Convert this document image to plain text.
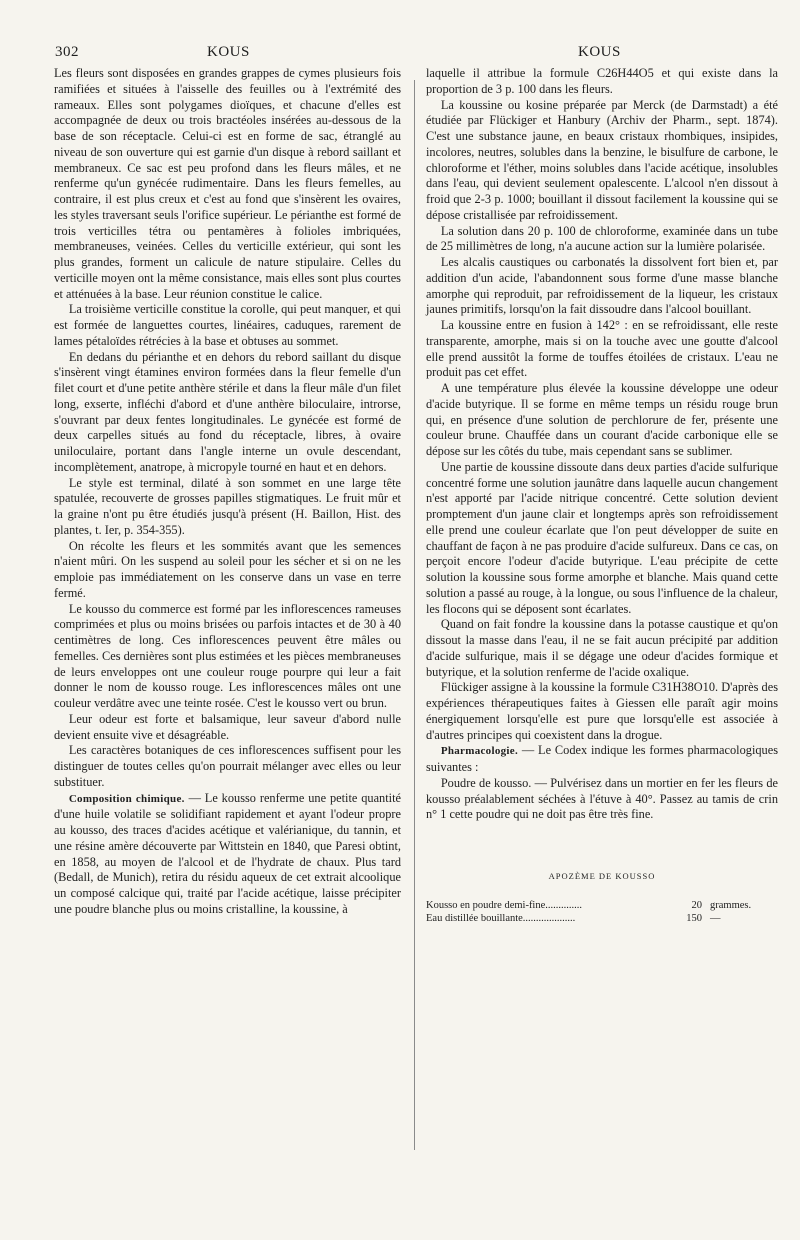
302	KOUS	KOUS

Les fleurs sont disposées en grandes grappes de cymes plusieurs fois ramifiées et situées à l'aisselle des feuilles ou à l'extrémité des rameaux. Elles sont polygames dioïques, et chacune d'elles est accompagnée de deux ou trois bractéoles insérées au-dessous de la base de son réceptacle. Celui-ci est en forme de sac, étranglé au niveau de son ouverture qui est garnie d'un disque à rebord saillant et membraneux. Ce sac est peu profond dans les fleurs mâles, et ne renferme qu'un gynécée rudimentaire. Dans les fleurs femelles, au contraire, il est plus creux et c'est au fond que s'insèrent les ovaires, les styles traversant seuls l'orifice supérieur. Le périanthe est formé de trois verticilles tétra ou pentamères à folioles imbriquées, membraneuses, veinées. Celles du verticille extérieur, qui sont les plus grandes, forment un calicule de nature stipulaire. Celles du verticille moyen ont la même consistance, mais elles sont plus courtes et atténuées à la base. Leur réunion constitue le calice.

La troisième verticille constitue la corolle, qui peut manquer, et qui est formée de languettes courtes, linéaires, caduques, rarement de lames pétaloïdes rétrécies à la base et obtuses au sommet.

En dedans du périanthe et en dehors du rebord saillant du disque s'insèrent vingt étamines environ formées dans la fleur femelle d'un filet court et d'une petite anthère stérile et dans la fleur mâle d'un filet long, exserte, infléchi d'abord et d'une anthère biloculaire, introrse, s'ouvrant par deux fentes longitudinales. Le gynécée est formé de deux carpelles situés au fond du réceptacle, libres, à ovaire uniloculaire, portant dans l'angle interne un ovule descendant, incomplètement, anatrope, à micropyle tourné en haut et en dehors.

Le style est terminal, dilaté à son sommet en une large tête spatulée, recouverte de grosses papilles stigmatiques. Le fruit mûr et la graine n'ont pu être étudiés jusqu'à présent (H. Baillon, Hist. des plantes, t. Ier, p. 354-355).

On récolte les fleurs et les sommités avant que les semences n'aient mûri. On les suspend au soleil pour les sécher et si on ne les emploie pas immédiatement on les conserve dans un vase en terre fermé.

Le kousso du commerce est formé par les inflorescences rameuses comprimées et plus ou moins brisées ou parfois intactes et de 30 à 40 centimètres de long. Ces inflorescences peuvent être mâles ou femelles. Ces dernières sont plus estimées et les pièces membraneuses de leurs enveloppes ont une couleur rouge pourpre qui leur a fait donner le nom de kousso rouge. Les inflorescences mâles ont une couleur verdâtre avec une teinte rosée. C'est le kousso vert ou brun.

Leur odeur est forte et balsamique, leur saveur d'abord nulle devient ensuite vive et désagréable.

Les caractères botaniques de ces inflorescences suffisent pour les distinguer de toutes celles qu'on pourrait mélanger avec elles ou leur substituer.

Composition chimique. — Le kousso renferme une petite quantité d'une huile volatile se solidifiant rapidement et ayant l'odeur propre au kousso, des traces d'acides acétique et valérianique, du tannin, et une résine amère découverte par Wittstein en 1840, que Paresi obtint, en 1858, au moyen de l'alcool et de l'hydrate de chaux. Plus tard (Bedall, de Munich), retira du résidu aqueux de cet extrait alcoolique un composé calcique qui, traité par l'acide acétique, laisse précipiter une poudre blanche plus ou moins cristalline, la koussine, à

laquelle il attribue la formule C26H44O5 et qui existe dans la proportion de 3 p. 100 dans les fleurs.

La koussine ou kosine préparée par Merck (de Darmstadt) a été étudiée par Flückiger et Hanbury (Archiv der Pharm., sept. 1874). C'est une substance jaune, en beaux cristaux rhombiques, insipides, incolores, neutres, solubles dans la benzine, le bisulfure de carbone, le chloroforme et l'éther, moins solubles dans l'acide acétique, insolubles dans l'eau, qui devient seulement opalescente. L'alcool n'en dissout à froid que 2-3 p. 1000; bouillant il dissout facilement la koussine qui se dépose cristallisée par refroidissement.

La solution dans 20 p. 100 de chloroforme, examinée dans un tube de 25 millimètres de long, n'a aucune action sur la lumière polarisée.

Les alcalis caustiques ou carbonatés la dissolvent fort bien et, par addition d'un acide, l'abandonnent sous forme d'une masse blanche amorphe qui reproduit, par refroidissement de la liqueur, les cristaux jaunes primitifs, lorsqu'on la fait dissoudre dans l'alcool bouillant.

La koussine entre en fusion à 142° : en se refroidissant, elle reste transparente, amorphe, mais si on la touche avec une goutte d'alcool elle prend aussitôt la forme de touffes étoilées de cristaux. L'eau ne produit pas cet effet.

A une température plus élevée la koussine développe une odeur d'acide butyrique. Il se forme en même temps un résidu rouge brun qui, en présence d'une solution de perchlorure de fer, présente une couleur brune. Chauffée dans un courant d'acide carbonique elle se dépose sur les côtés du tube, mais cependant sans se sublimer.

Une partie de koussine dissoute dans deux parties d'acide sulfurique concentré forme une solution jaunâtre dans laquelle aucun changement n'est apporté par l'acide nitrique concentré. Cette solution devient promptement d'un jaune clair et longtemps après son refroidissement elle prend une couleur écarlate que l'on peut développer de suite en chauffant de façon à ne pas produire d'acide sulfureux. Dans ce cas, on perçoit encore l'odeur d'acide butyrique. L'eau précipite de cette solution la koussine sous forme amorphe et blanche. Mais quand cette solution a passé au rouge, à la longue, ou sous l'influence de la chaleur, les flocons qui se déposent sont écarlates.

Quand on fait fondre la koussine dans la potasse caustique et qu'on dissout la masse dans l'eau, il ne se fait aucun précipité par addition d'acide sulfurique, mais il se dégage une odeur d'acides formique et butyrique, et la solution renferme de l'acide oxalique.

Flückiger assigne à la koussine la formule C31H38O10. D'après des expériences thérapeutiques faites à Giessen elle paraît agir moins énergiquement lorsqu'elle est pure que lorsqu'elle est associée à d'autres principes qui coexistent dans la drogue.

Pharmacologie. — Le Codex indique les formes pharmacologiques suivantes :

Poudre de kousso. — Pulvérisez dans un mortier en fer les fleurs de kousso préalablement séchées à l'étuve à 40°. Passez au tamis de crin n° 1 cette poudre qui ne doit pas être très fine.

APOZÈME DE KOUSSO
Kousso en poudre demi-fine..............	20 grammes.
Eau distillée bouillante....................	150 —
